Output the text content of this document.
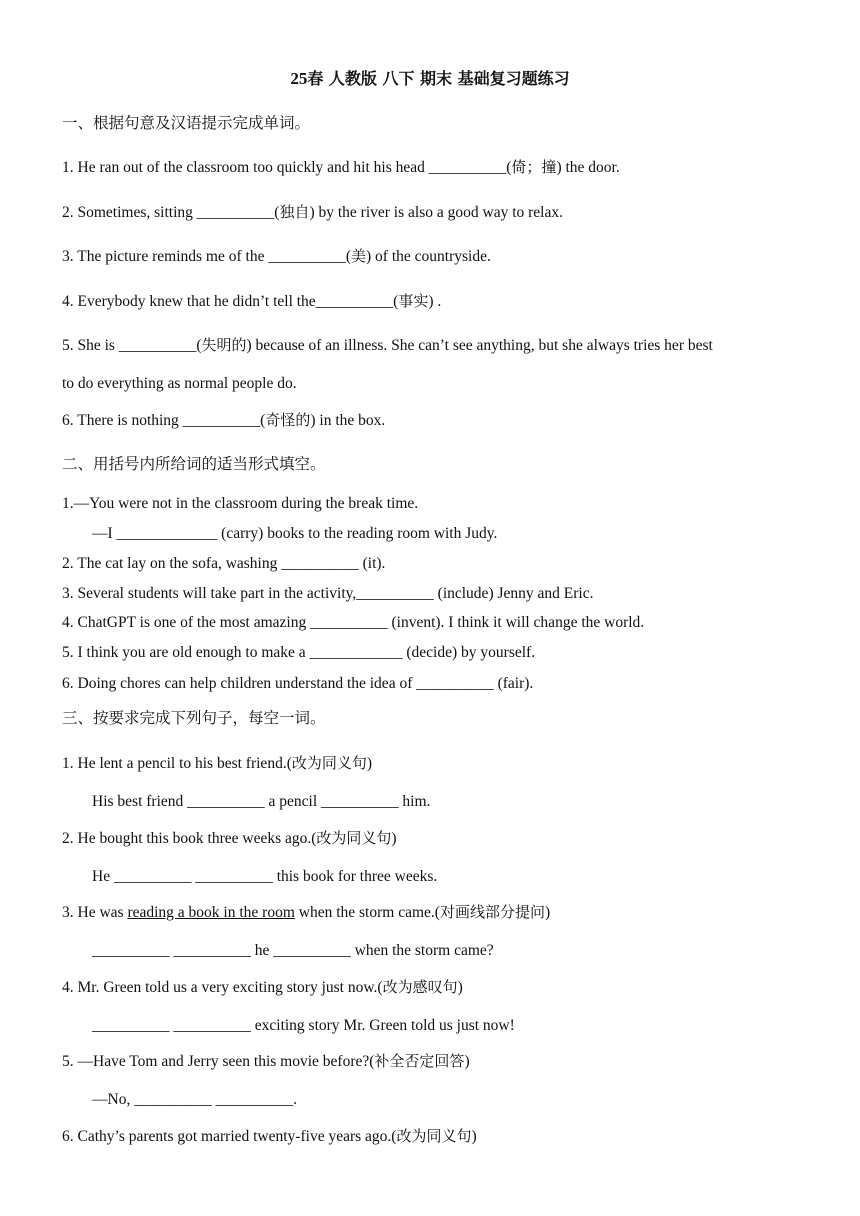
25春 人教版 八下 期末 基础复习题练习
一、根据句意及汉语提示完成单词。
1. He ran out of the classroom too quickly and hit his head __________(倚；撞) the door.
2. Sometimes, sitting __________(独自) by the river is also a good way to relax.
3. The picture reminds me of the __________(美) of the countryside.
4. Everybody knew that he didn’t tell the__________(事实) .
5. She is __________(失明的) because of an illness. She can’t see anything, but she always tries her best
to do everything as normal people do.
6. There is nothing __________(奇怪的) in the box.
二、用括号内所给词的适当形式填空。
1.—You were not in the classroom during the break time.
—I _____________ (carry) books to the reading room with Judy.
2. The cat lay on the sofa, washing __________ (it).
3. Several students will take part in the activity,__________ (include) Jenny and Eric.
4. ChatGPT is one of the most amazing __________ (invent). I think it will change the world.
5. I think you are old enough to make a ____________ (decide) by yourself.
6. Doing chores can help children understand the idea of __________ (fair).
三、按要求完成下列句子，每空一词。
1. He lent a pencil to his best friend.(改为同义句)
His best friend __________ a pencil __________ him.
2. He bought this book three weeks ago.(改为同义句)
He __________ __________ this book for three weeks.
3. He was reading a book in the room when the storm came.(对画线部分提问)
__________ __________ he __________ when the storm came?
4. Mr. Green told us a very exciting story just now.(改为感叹句)
__________ __________ exciting story Mr. Green told us just now!
5. —Have Tom and Jerry seen this movie before?(补全否定回答)
—No, __________ __________.
6. Cathy’s parents got married twenty-five years ago.(改为同义句)
